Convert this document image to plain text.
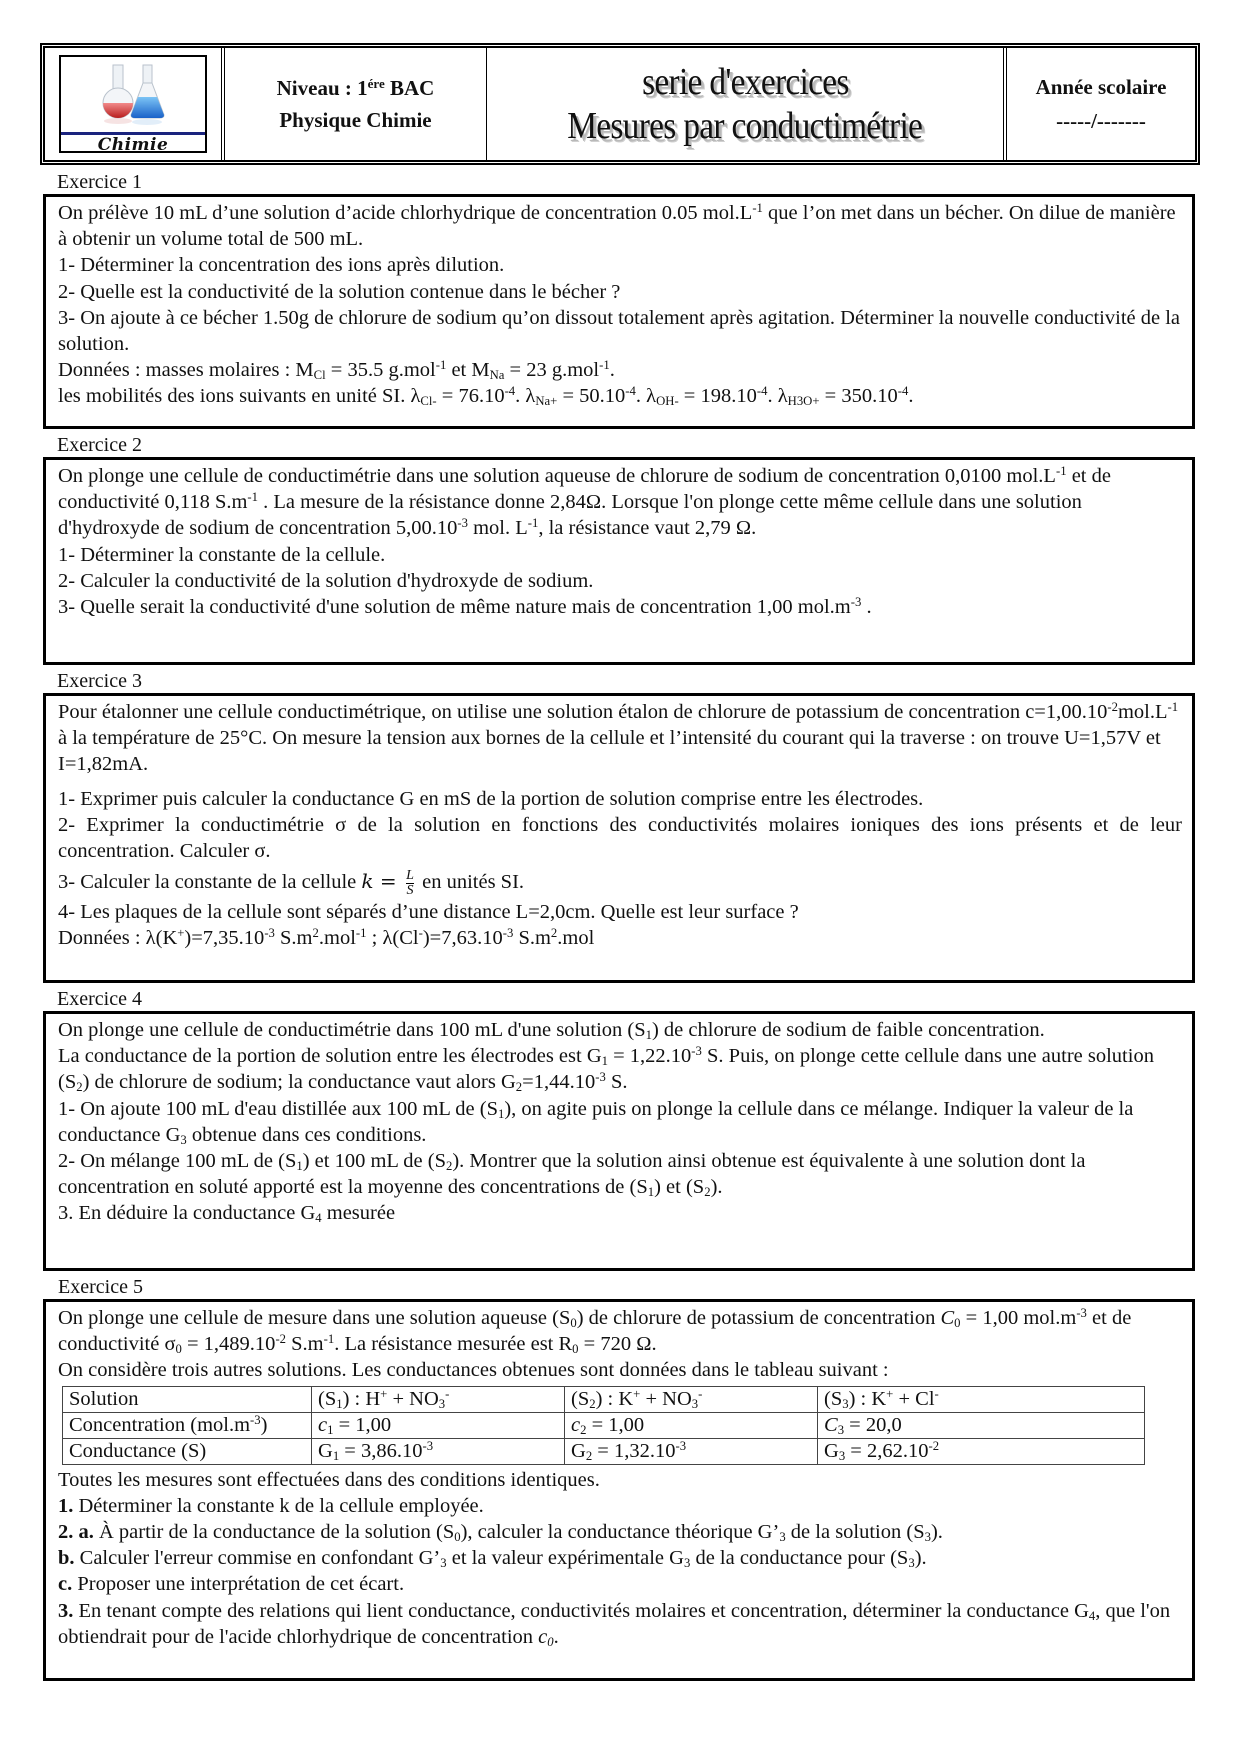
Chimie
Niveau : $1^{ére}$ BAC
Physique Chimie
serie d'exercices
Mesures par conductimétrie
Année scolaire
-----/-------
Exercice 1

On prélève 10 mL d’une solution d’acide chlorhydrique de concentration 0.05 $mol.L^{-1}$ que l’on met dans un bécher. On dilue de manière à obtenir un volume total de 500 mL.

1- Déterminer la concentration des ions après dilution.

2- Quelle est la conductivité de la solution contenue dans le bécher ?

3- On ajoute à ce bécher 1.50g de chlorure de sodium qu’on dissout totalement après agitation. Déterminer la nouvelle conductivité de la solution.

Données : masses molaires : $M_{Cl} = 35.5$ g.mol$^{-1}$ et $M_{Na} = 23$ g.mol$^{-1}$.

les mobilités des ions suivants en unité SI. $\lambda_{Cl-} = 76.10^{-4}$. $\lambda_{Na+} = 50.10^{-4}$. $\lambda_{OH-} = 198.10^{-4}$. $\lambda_{H3O+} = 350.10^{-4}$.

Exercice 2

On plonge une cellule de conductimétrie dans une solution aqueuse de chlorure de sodium de concentration 0,0100 $mol.L^{-1}$ et de conductivité 0,118 $S.m^{-1}$ . La mesure de la résistance donne 2,84Ω. Lorsque l'on plonge cette même cellule dans une solution d'hydroxyde de sodium de concentration $5,00.10^{-3}$ mol. $L^{-1}$, la résistance vaut 2,79 Ω.

1- Déterminer la constante de la cellule.

2- Calculer la conductivité de la solution d'hydroxyde de sodium.

3- Quelle serait la conductivité d'une solution de même nature mais de concentration 1,00 $mol.m^{-3}$ .

Exercice 3

Pour étalonner une cellule conductimétrique, on utilise une solution étalon de chlorure de potassium de concentration $c=1,00.10^{-2}mol.L^{-1}$ à la température de 25°C. On mesure la tension aux bornes de la cellule et l’intensité du courant qui la traverse : on trouve U=1,57V et I=1,82mA.

1- Exprimer puis calculer la conductance G en mS de la portion de solution comprise entre les électrodes.

2- Exprimer la conductimétrie σ de la solution en fonctions des conductivités molaires ioniques des ions présents et de leur concentration. Calculer σ.

3- Calculer la constante de la cellule $k = \frac{L}{S}$ en unités SI.

4- Les plaques de la cellule sont séparés d’une distance L=2,0cm. Quelle est leur surface ?

Données : $\lambda(K^+)=7,35.10^{-3}$ $S.m^2.mol^{-1}$ ; $\lambda(Cl^-)=7,63.10^{-3}$ $S.m^2.mol$

Exercice 4

On plonge une cellule de conductimétrie dans 100 mL d'une solution $(S_1)$ de chlorure de sodium de faible concentration.

La conductance de la portion de solution entre les électrodes est $G_1 = 1,22.10^{-3}$ S. Puis, on plonge cette cellule dans une autre solution $(S_2)$ de chlorure de sodium; la conductance vaut alors $G_2=1,44.10^{-3}$ S.

1- On ajoute 100 mL d'eau distillée aux 100 mL de $(S_1)$, on agite puis on plonge la cellule dans ce mélange. Indiquer la valeur de la conductance $G_3$ obtenue dans ces conditions.

2- On mélange 100 mL de $(S_1)$ et 100 mL de $(S_2)$. Montrer que la solution ainsi obtenue est équivalente à une solution dont la concentration en soluté apporté est la moyenne des concentrations de $(S_1)$ et $(S_2)$.

3. En déduire la conductance $G_4$ mesurée

Exercice 5

On plonge une cellule de mesure dans une solution aqueuse $(S_0)$ de chlorure de potassium de concentration $C_0 = 1,00$ $mol.m^{-3}$ et de conductivité $\sigma_0 = 1,489.10^{-2}$ $S.m^{-1}$. La résistance mesurée est $R_0 = 720$ Ω.

On considère trois autres solutions. Les conductances obtenues sont données dans le tableau suivant :

Solution	$(S_1)$ : $H^+ + NO_3^-$	$(S_2)$ : $K^+ + NO_3^-$	$(S_3)$ : K+ + Cl-
Concentration $(mol.m^{-3})$	$c_1 = 1,00$	$c_2 = 1,00$	$C_3 = 20,0$
Conductance (S)	$G_1 = 3,86.10^{-3}$	$G_2 = 1,32.10^{-3}$	$G_3 = 2,62.10^{-2}$

Toutes les mesures sont effectuées dans des conditions identiques.

1. Déterminer la constante k de la cellule employée.

2. a. À partir de la conductance de la solution $(S_0)$, calculer la conductance théorique $G’_3$ de la solution $(S_3)$.

b. Calculer l'erreur commise en confondant $G’_3$ et la valeur expérimentale $G_3$ de la conductance pour $(S_3)$.

c. Proposer une interprétation de cet écart.

3. En tenant compte des relations qui lient conductance, conductivités molaires et concentration, déterminer la conductance $G_4$, que l'on obtiendrait pour de l'acide chlorhydrique de concentration $c_0$.
